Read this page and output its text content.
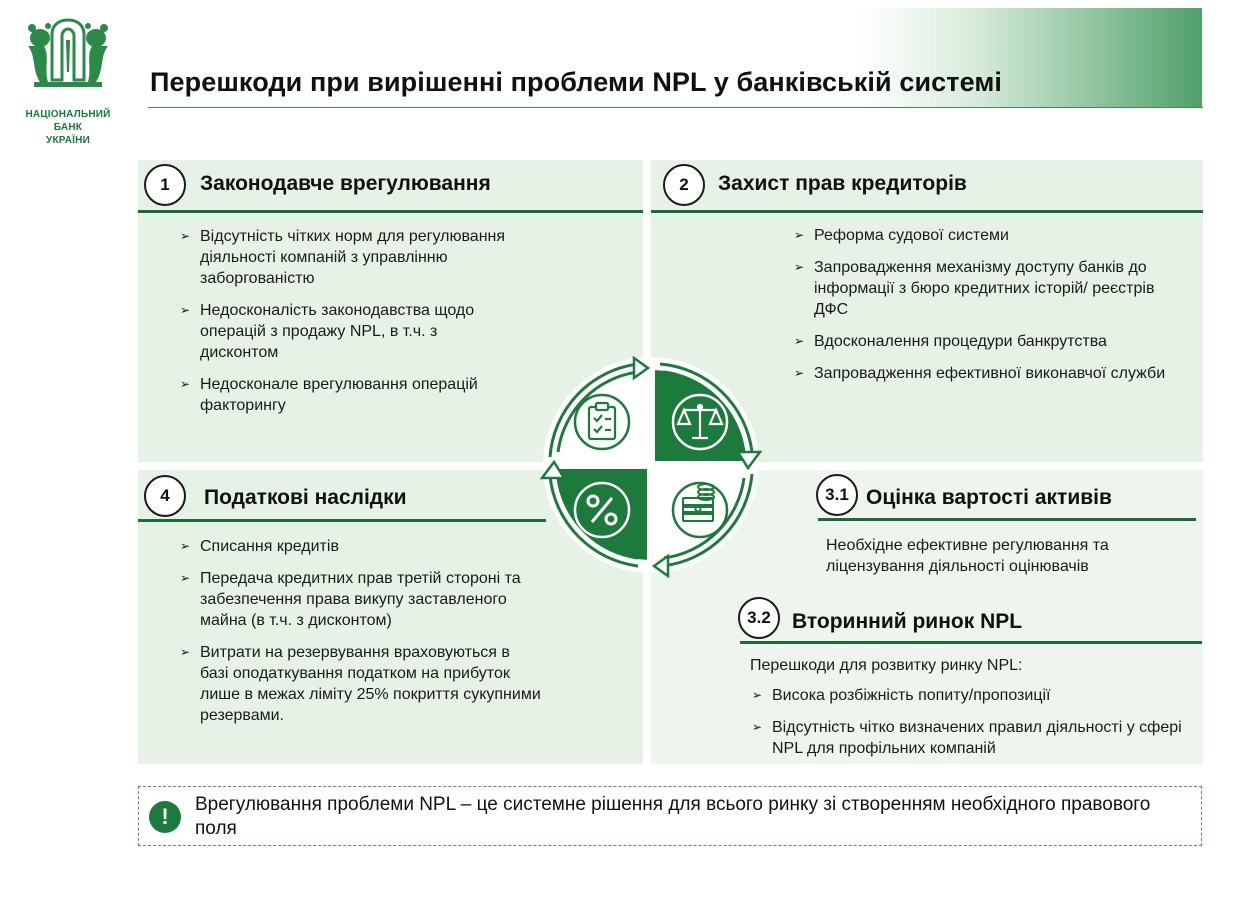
НАЦІОНАЛЬНИЙ
БАНК
УКРАЇНИ
Перешкоди при вирішенні проблеми NPL у банківській системі
1	Законодавче врегулювання
➢ Відсутність чітких норм для регулювання діяльності компаній з управлінню заборгованістю
➢ Недосконалість законодавства щодо операцій з продажу NPL, в т.ч. з дисконтом
➢ Недосконале врегулювання операцій факторингу
2	Захист прав кредиторів
➢ Реформа судової системи
➢ Запровадження механізму доступу банків до інформації з бюро кредитних історій/ реєстрів ДФС
➢ Вдосконалення процедури банкрутства
➢ Запровадження ефективної виконавчої служби
4	Податкові наслідки
➢ Списання кредитів
➢ Передача кредитних прав третій стороні та забезпечення права викупу заставленого майна (в т.ч. з дисконтом)
➢ Витрати на резервування враховуються в базі оподаткування податком на прибуток лише в межах ліміту 25% покриття сукупними резервами.
3.1 Оцінка вартості активів
Необхідне ефективне регулювання та ліцензування діяльності оцінювачів
3.2	Вторинний ринок NPL
Перешкоди для розвитку ринку NPL:
➢ Висока розбіжність попиту/пропозиції
➢ Відсутність чітко визначених правил діяльності у сфері NPL для профільних компаній
!	Врегулювання проблеми NPL – це системне рішення для всього ринку зі створенням необхідного правового поля
